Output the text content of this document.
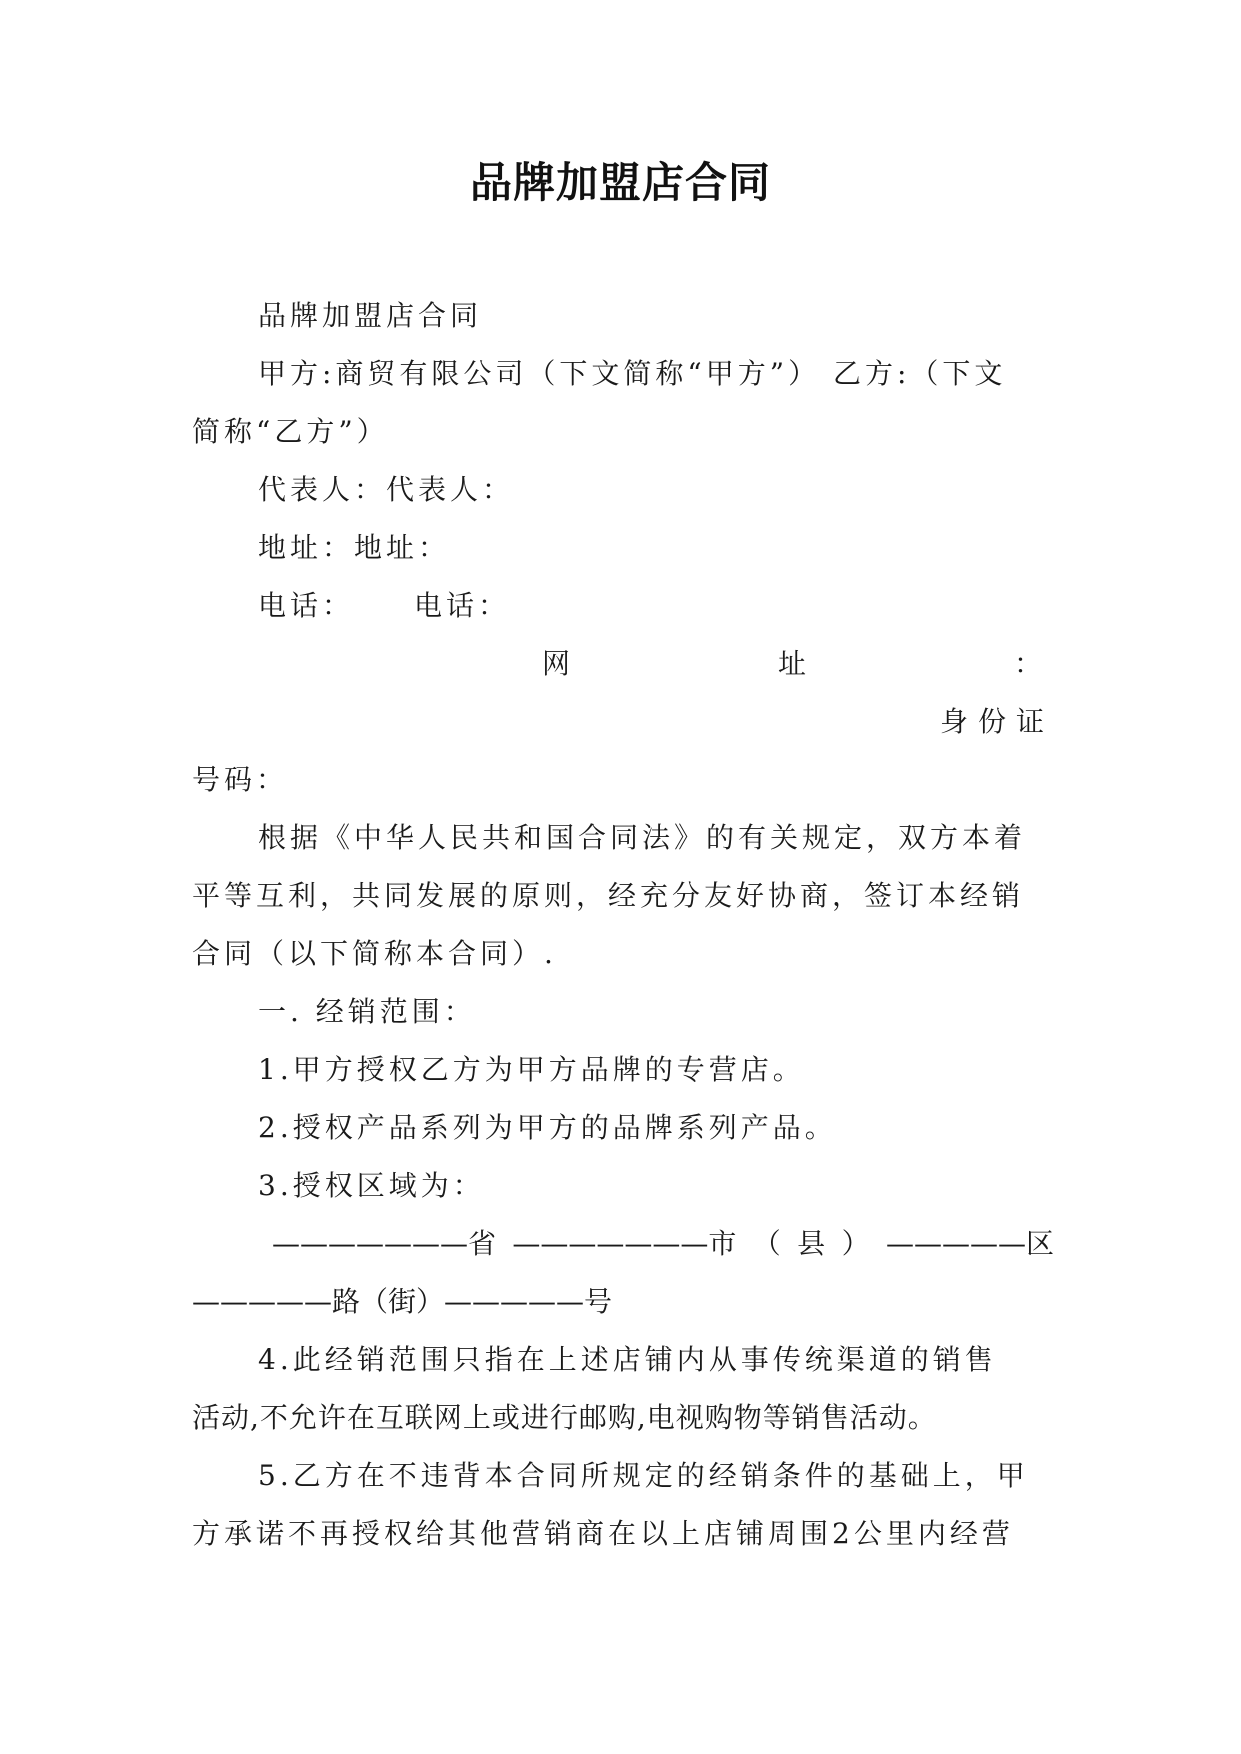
品牌加盟店合同
品牌加盟店合同
甲方:商贸有限公司（下文简称“甲方”） 乙方:（下文
简称“乙方”）
代表人：代表人：
地址：地址：
电话： 电话：
网	址	：
身份证
号码：
根据《中华人民共和国合同法》的有关规定，双方本着
平等互利，共同发展的原则，经充分友好协商，签订本经销
合同（以下简称本合同）.
一. 经销范围：
1.甲方授权乙方为甲方品牌的专营店。
2.授权产品系列为甲方的品牌系列产品。
3.授权区域为：
———————省 ———————市 （ 县 ） —————区
—————路（街）—————号
4.此经销范围只指在上述店铺内从事传统渠道的销售
活动,不允许在互联网上或进行邮购,电视购物等销售活动。
5.乙方在不违背本合同所规定的经销条件的基础上，甲
方承诺不再授权给其他营销商在以上店铺周围2公里内经营
